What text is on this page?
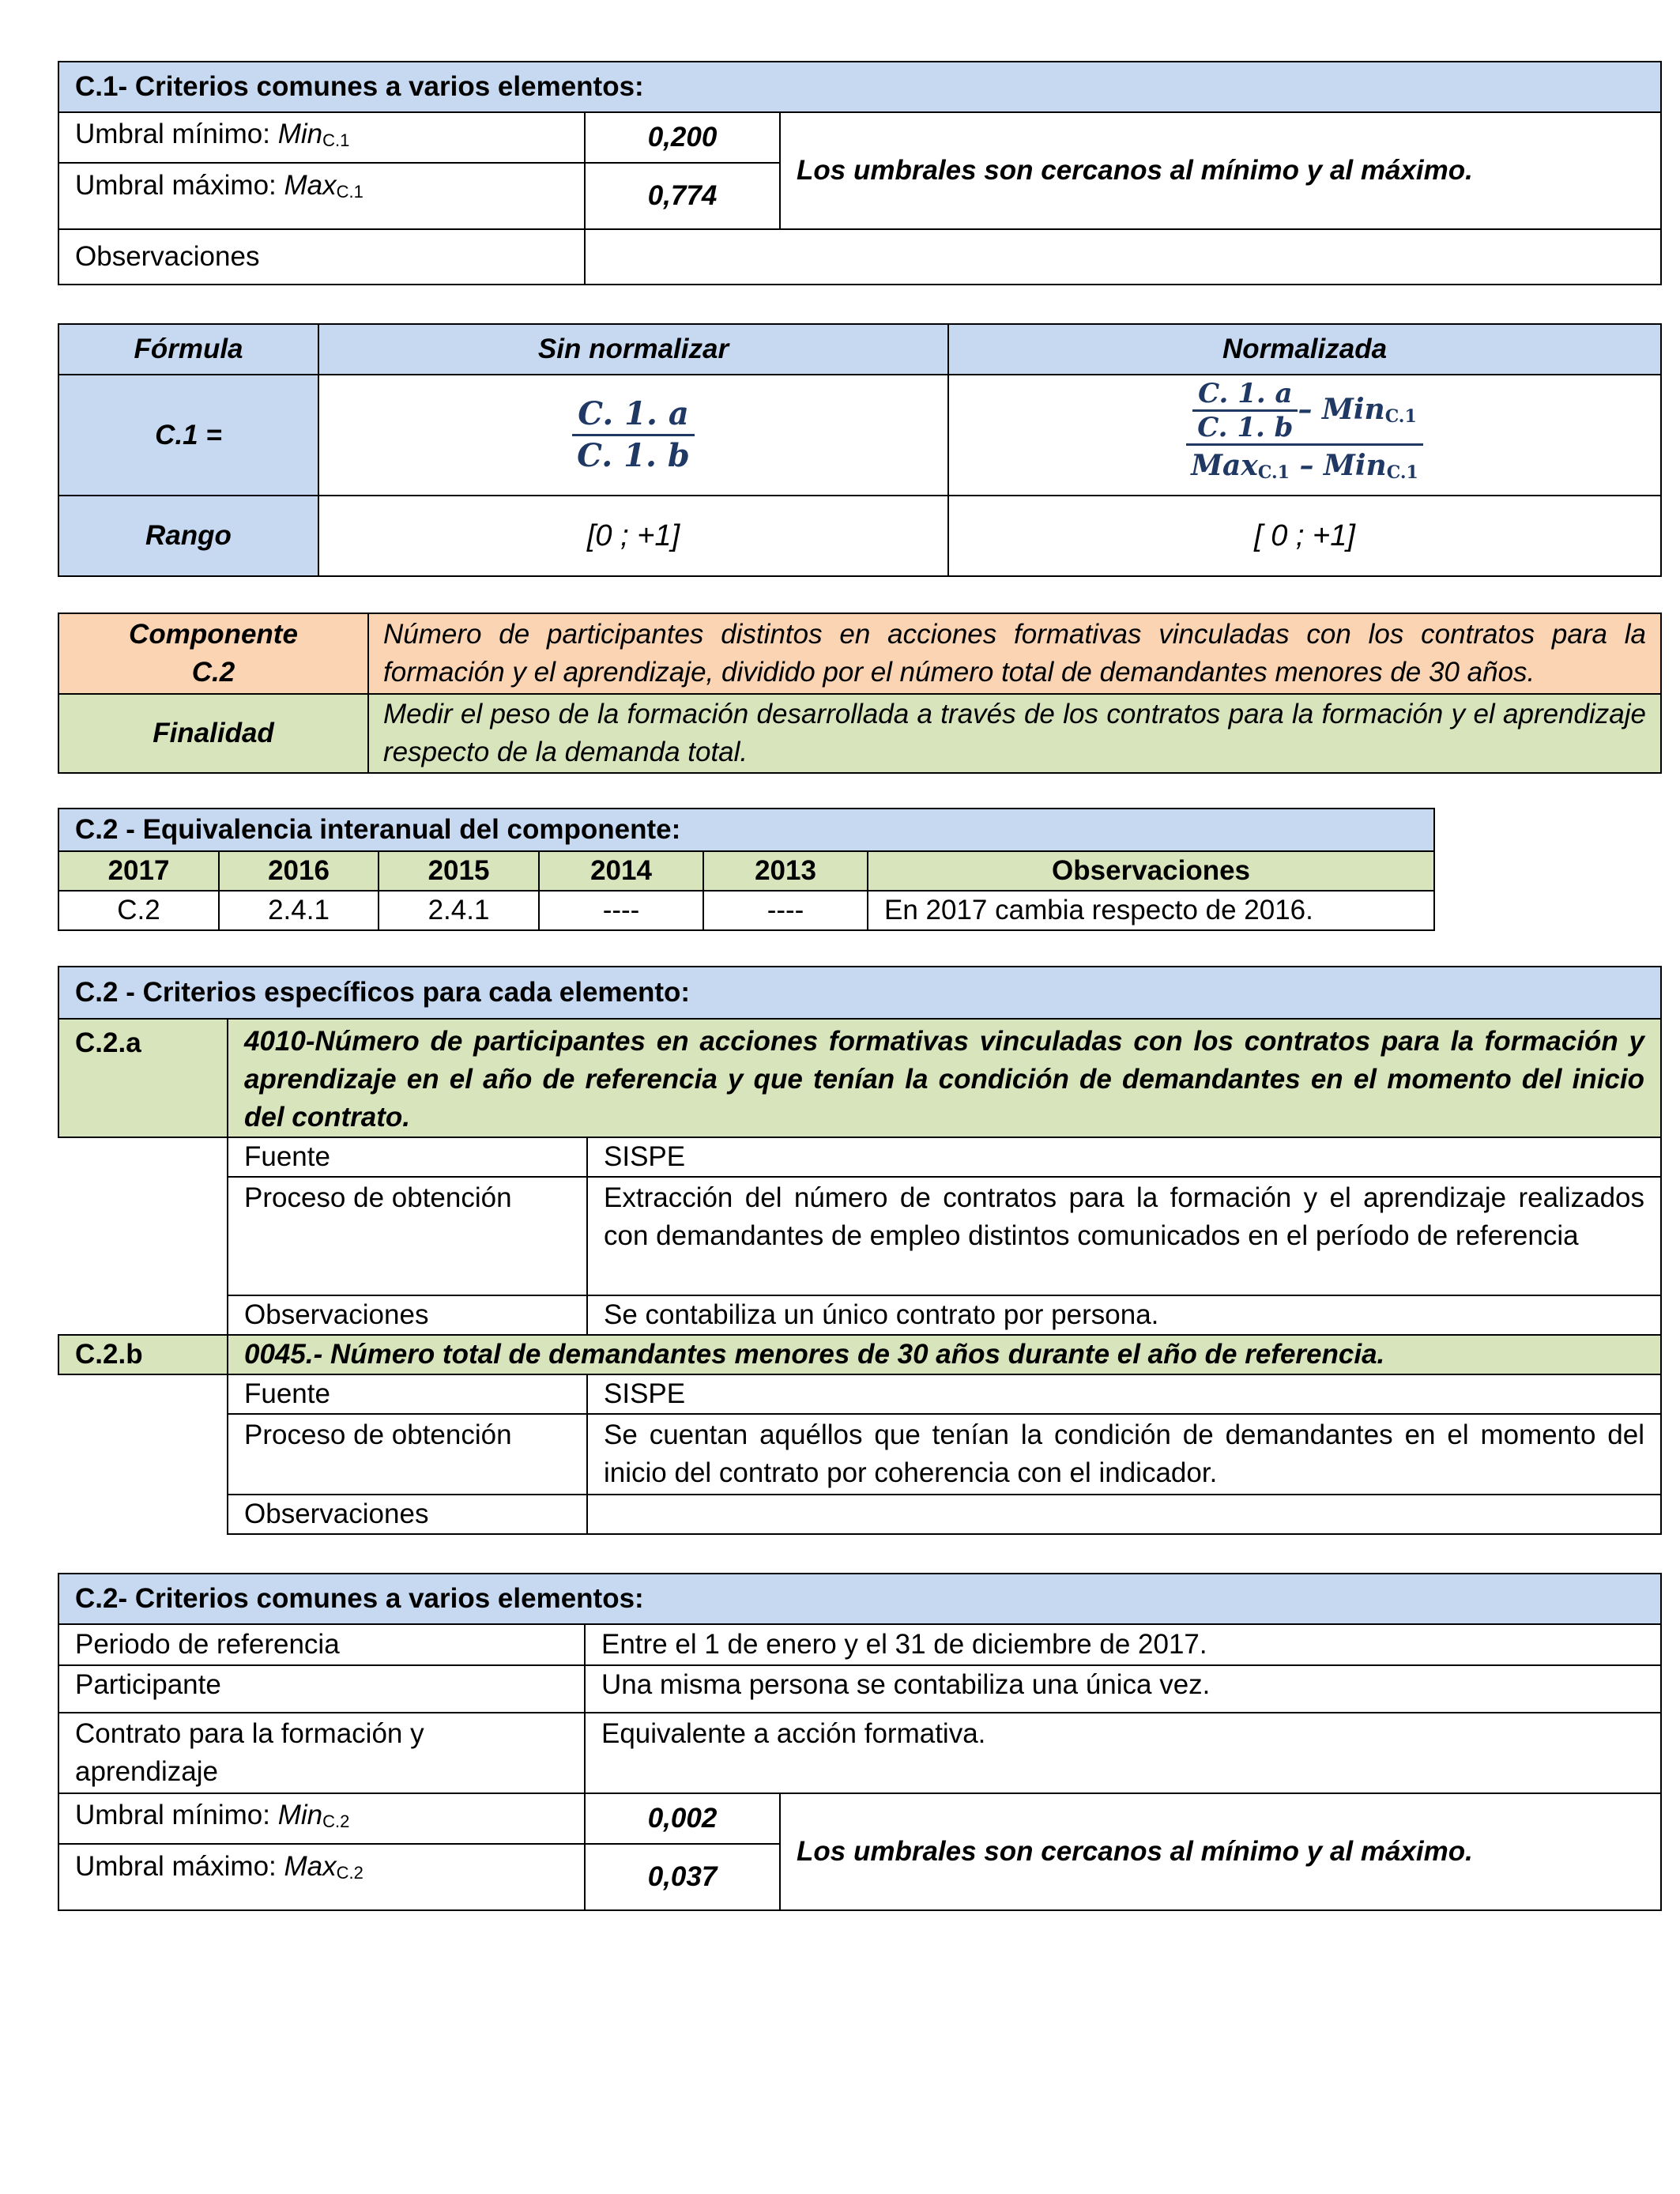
C.1- Criterios comunes a varios elementos:		
Umbral mínimo: Min$_{C.1}$	0,200	Los umbrales son cercanos al mínimo y al máximo.
Umbral máximo: Max$_{C.1}$	0,774	
Observaciones		
Fórmula	Sin normalizar	Normalizada
C.1 =	$\frac{C. 1. a}{C. 1. b}$	$\frac{\frac{C. 1. a}{C. 1. b} - Min_{C.1}}{Max_{C.1} - Min_{C.1}}$

Rango	[0 ; +1]	[ 0 ; +1]
Componente
C.2	Número de participantes distintos en acciones formativas vinculadas con los contratos para la formación y el aprendizaje, dividido por el número total de demandantes menores de 30 años.
Finalidad	Medir el peso de la formación desarrollada a través de los contratos para la formación y el aprendizaje respecto de la demanda total.
C.2 - Equivalencia interanual del componente:					
2017	2016	2015	2014	2013	Observaciones
C.2	2.4.1	2.4.1	----	----	En 2017 cambia respecto de 2016.
C.2 - Criterios específicos para cada elemento:		
C.2.a	4010-Número de participantes en acciones formativas vinculadas con los contratos para la formación y aprendizaje en el año de referencia y que tenían la condición de demandantes en el momento del inicio del contrato.	
	Fuente	SISPE
	Proceso de obtención	Extracción del número de contratos para la formación y el aprendizaje realizados con demandantes de empleo distintos comunicados en el período de referencia
	Observaciones	Se contabiliza un único contrato por persona.
C.2.b	0045.- Número total de demandantes menores de 30 años durante el año de referencia.	
	Fuente	SISPE
	Proceso de obtención	Se cuentan aquéllos que tenían la condición de demandantes en el momento del inicio del contrato por coherencia con el indicador.
	Observaciones	
C.2- Criterios comunes a varios elementos:		
Periodo de referencia	Entre el 1 de enero y el 31 de diciembre de 2017.	
Participante	Una misma persona se contabiliza una única vez.	
Contrato para la formación y aprendizaje	Equivalente a acción formativa.	
Umbral mínimo: Min$_{C.2}$	0,002	Los umbrales son cercanos al mínimo y al máximo.
Umbral máximo: Max$_{C.2}$	0,037	
